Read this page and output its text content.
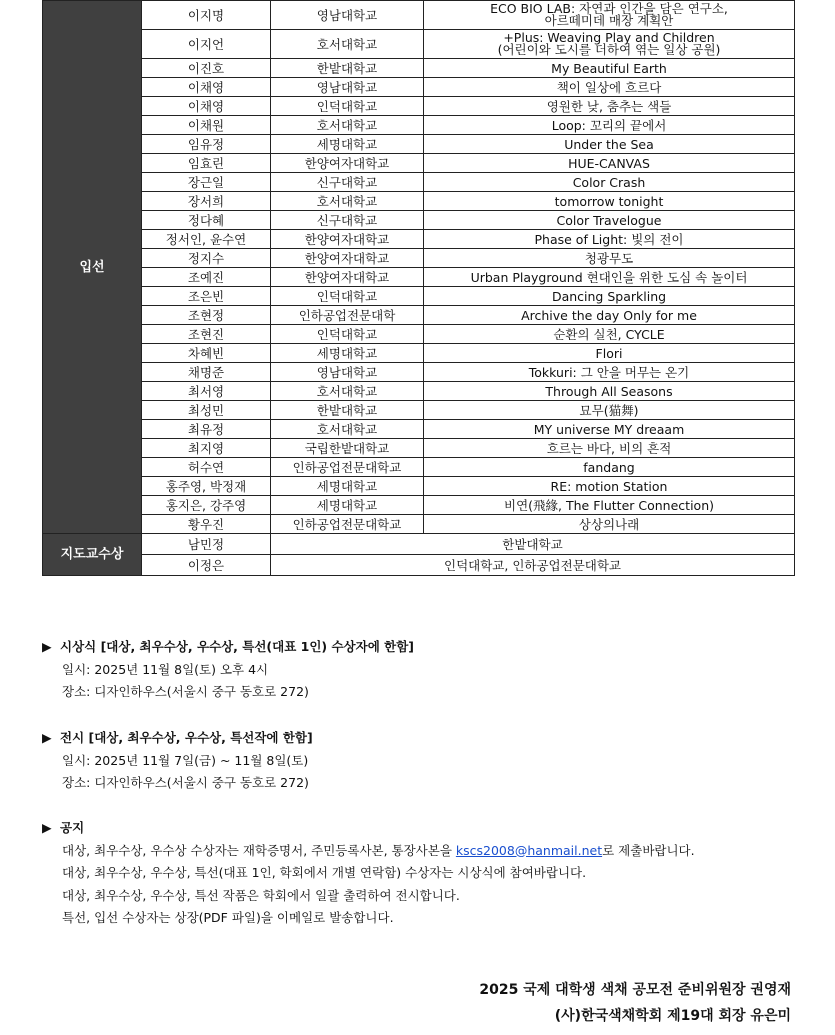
입선	이지명	영남대학교	ECO BIO LAB: 자연과 인간을 담은 연구소,
아르떼미데 매장 계획안
	이지언	호서대학교	+Plus: Weaving Play and Children
(어린이와 도시를 더하여 엮는 일상 공원)
	이진호	한밭대학교	My Beautiful Earth
	이채영	영남대학교	책이 일상에 흐르다
	이채영	인덕대학교	영원한 낮, 춤추는 색들
	이채원	호서대학교	Loop: 꼬리의 끝에서
	임유정	세명대학교	Under the Sea
	임효린	한양여자대학교	HUE-CANVAS
	장근일	신구대학교	Color Crash
	장서희	호서대학교	tomorrow tonight
	정다혜	신구대학교	Color Travelogue
	정서인, 윤수연	한양여자대학교	Phase of Light: 빛의 전이
	정지수	한양여자대학교	청광무도
	조예진	한양여자대학교	Urban Playground 현대인을 위한 도심 속 놀이터
	조은빈	인덕대학교	Dancing Sparkling
	조현정	인하공업전문대학	Archive the day Only for me
	조현진	인덕대학교	순환의 실천, CYCLE
	차혜빈	세명대학교	Flori
	채명준	영남대학교	Tokkuri: 그 안을 머무는 온기
	최서영	호서대학교	Through All Seasons
	최성민	한밭대학교	묘무(猫舞)
	최유정	호서대학교	MY universe MY dreaam
	최지영	국립한밭대학교	흐르는 바다, 비의 흔적
	허수연	인하공업전문대학교	fandang
	홍주영, 박정재	세명대학교	RE: motion Station
	홍지은, 강주영	세명대학교	비연(飛緣, The Flutter Connection)
	황우진	인하공업전문대학교	상상의나래
지도교수상	남민정	한밭대학교	
	이정은	인덕대학교, 인하공업전문대학교	
▶ 시상식 [대상, 최우수상, 우수상, 특선(대표 1인) 수상자에 한함]
일시: 2025년 11월 8일(토) 오후 4시
장소: 디자인하우스(서울시 중구 동호로 272)
▶ 전시 [대상, 최우수상, 우수상, 특선작에 한함]
일시: 2025년 11월 7일(금) ~ 11월 8일(토)
장소: 디자인하우스(서울시 중구 동호로 272)
▶ 공지
대상, 최우수상, 우수상 수상자는 재학증명서, 주민등록사본, 통장사본을 kscs2008@hanmail.net로 제출바랍니다.
대상, 최우수상, 우수상, 특선(대표 1인, 학회에서 개별 연락함) 수상자는 시상식에 참여바랍니다.
대상, 최우수상, 우수상, 특선 작품은 학회에서 일괄 출력하여 전시합니다.
특선, 입선 수상자는 상장(PDF 파일)을 이메일로 발송합니다.
2025 국제 대학생 색채 공모전 준비위원장 권영재
(사)한국색채학회 제19대 회장 유은미
